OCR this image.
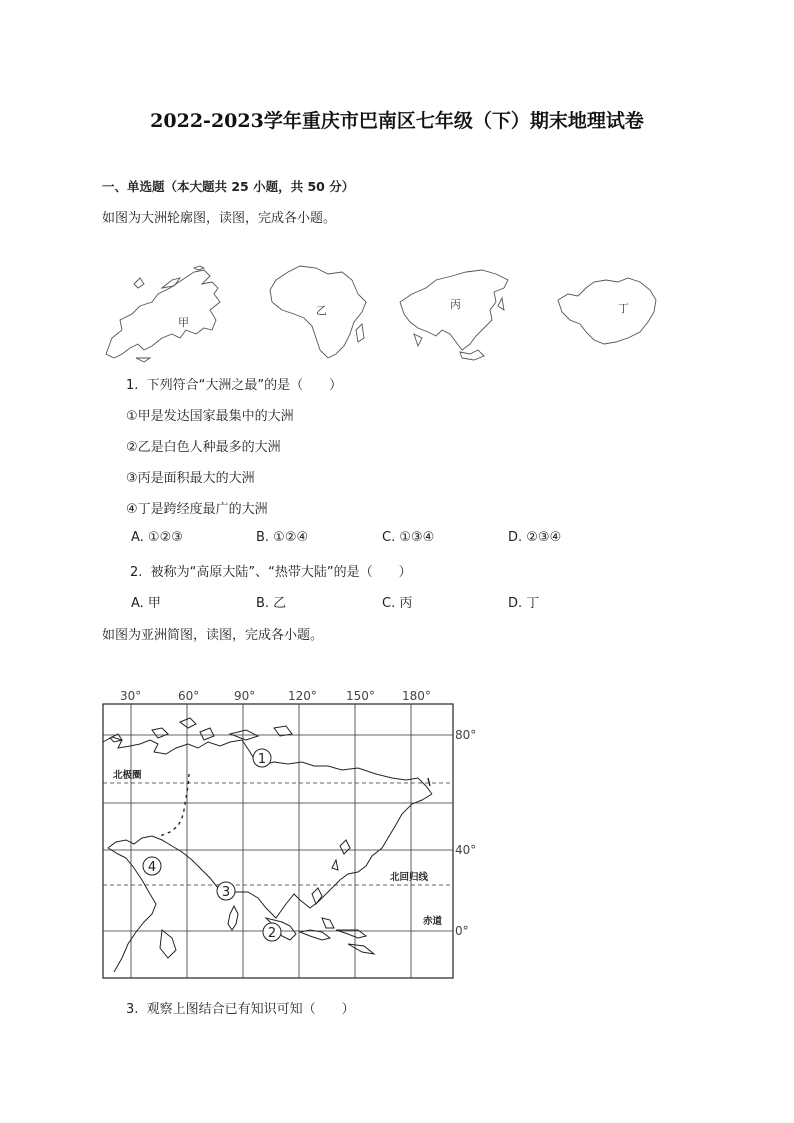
2022-2023学年重庆市巴南区七年级（下）期末地理试卷
一、单选题（本大题共 25 小题，共 50 分）
如图为大洲轮廓图，读图，完成各小题。
甲
乙	丙	丁
1. 下列符合“大洲之最”的是（　　）
①甲是发达国家最集中的大洲
②乙是白色人种最多的大洲
③丙是面积最大的大洲
④丁是跨经度最广的大洲
A. ①②③	B. ①②④	C. ①③④	D. ②③④
2. 被称为“高原大陆”、“热带大陆”的是（　　）
A. 甲	B. 乙	C. 丙	D. 丁
如图为亚洲简图，读图，完成各小题。
30°	60°	90°	120° 150° 180°
80°
40°
0°
北极圈
北回归线
赤道
1
2
3
4
3. 观察上图结合已有知识可知（　　）
